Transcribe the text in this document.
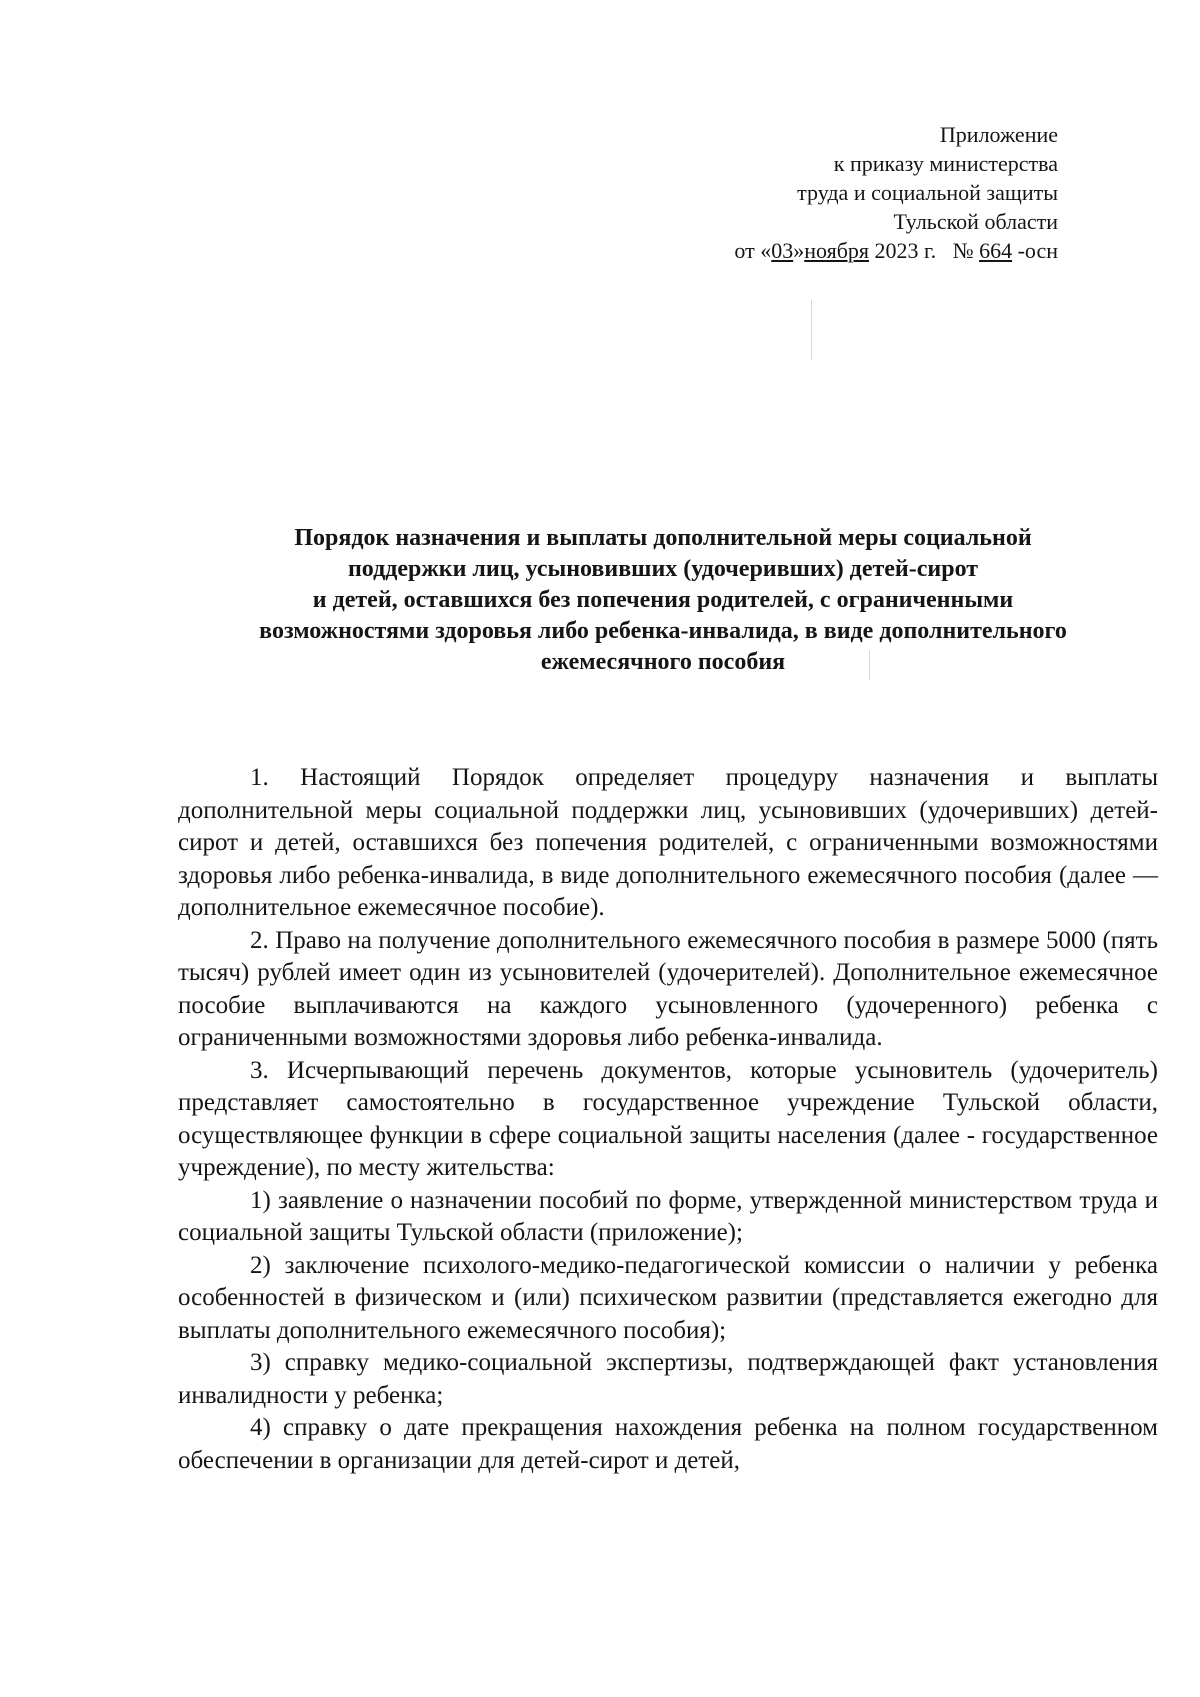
Приложение
к приказу министерства
труда и социальной защиты
Тульской области
от «03»ноября 2023 г. № 664 -осн
Порядок назначения и выплаты дополнительной меры социальной
поддержки лиц, усыновивших (удочеривших) детей-сирот
и детей, оставшихся без попечения родителей, с ограниченными
возможностями здоровья либо ребенка-инвалида, в виде дополнительного
ежемесячного пособия

1. Настоящий Порядок определяет процедуру назначения и выплаты дополнительной меры социальной поддержки лиц, усыновивших (удочеривших) детей-сирот и детей, оставшихся без попечения родителей, с ограниченными возможностями здоровья либо ребенка-инвалида, в виде дополнительного ежемесячного пособия (далее — дополнительное ежемесячное пособие).

2. Право на получение дополнительного ежемесячного пособия в размере 5000 (пять тысяч) рублей имеет один из усыновителей (удочерителей). Дополнительное ежемесячное пособие выплачиваются на каждого усыновленного (удочеренного) ребенка с ограниченными возможностями здоровья либо ребенка-инвалида.

3. Исчерпывающий перечень документов, которые усыновитель (удочеритель) представляет самостоятельно в государственное учреждение Тульской области, осуществляющее функции в сфере социальной защиты населения (далее - государственное учреждение), по месту жительства:

1) заявление о назначении пособий по форме, утвержденной министерством труда и социальной защиты Тульской области (приложение);

2) заключение психолого-медико-педагогической комиссии о наличии у ребенка особенностей в физическом и (или) психическом развитии (представляется ежегодно для выплаты дополнительного ежемесячного пособия);

3) справку медико-социальной экспертизы, подтверждающей факт установления инвалидности у ребенка;

4) справку о дате прекращения нахождения ребенка на полном государственном обеспечении в организации для детей-сирот и детей,
